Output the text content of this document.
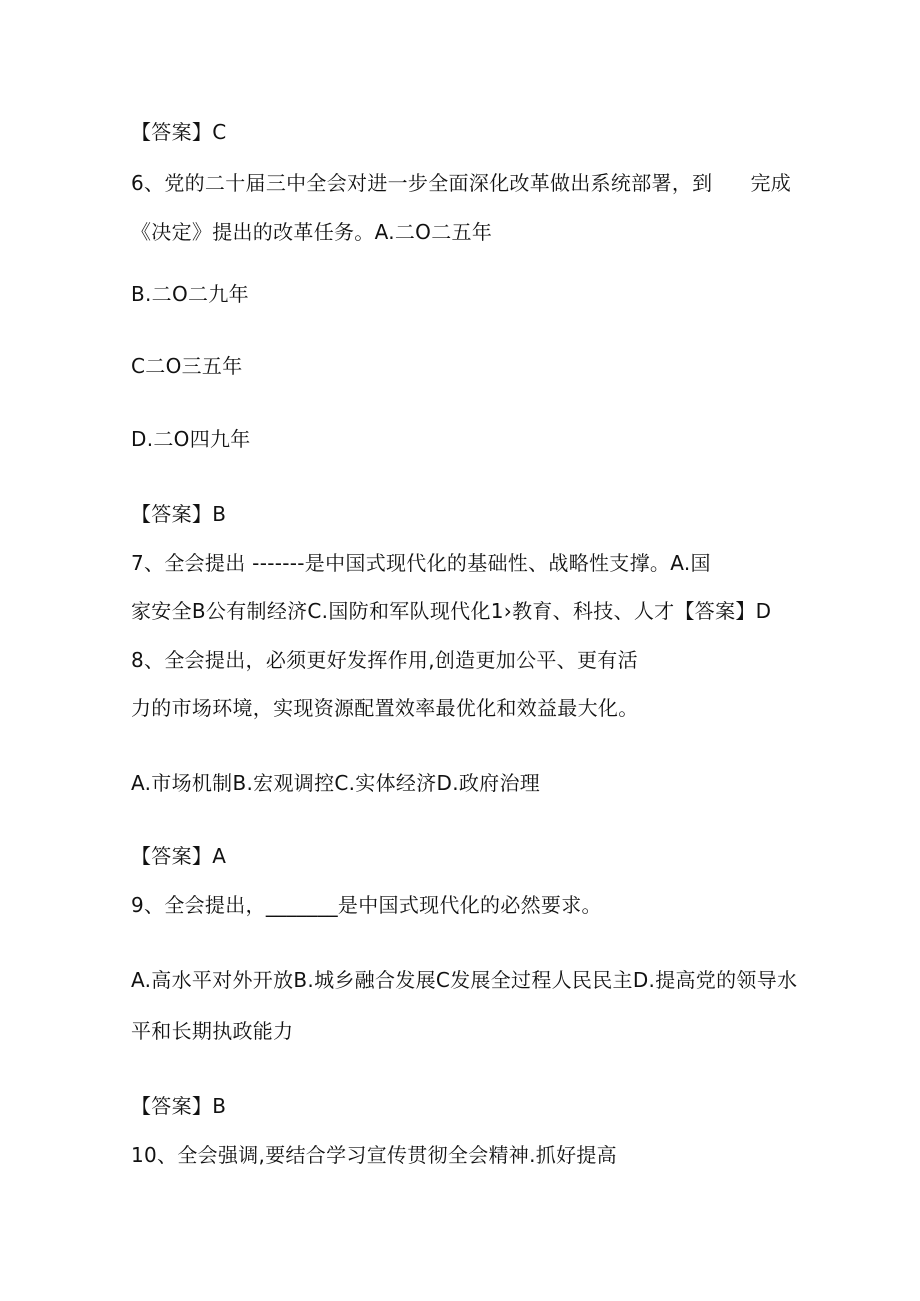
【答案】C
6、党的二十届三中全会对进一步全面深化改革做出系统部署，到 完成
《决定》提出的改革任务。A.二O二五年
B.二O二九年
C二O三五年
D.二O四九年
【答案】B
7、全会提出 -------是中国式现代化的基础性、战略性支撑。A.国
家安全B公有制经济C.国防和军队现代化1›教育、科技、人才【答案】D
8、全会提出，必须更好发挥作用,创造更加公平、更有活
力的市场环境，实现资源配置效率最优化和效益最大化。
A.市场机制B.宏观调控C.实体经济D.政府治理
【答案】A
9、全会提出，_______是中国式现代化的必然要求。
A.高水平对外开放B.城乡融合发展C发展全过程人民民主D.提高党的领导水
平和长期执政能力
【答案】B
10、全会强调,要结合学习宣传贯彻全会精神.抓好提高
